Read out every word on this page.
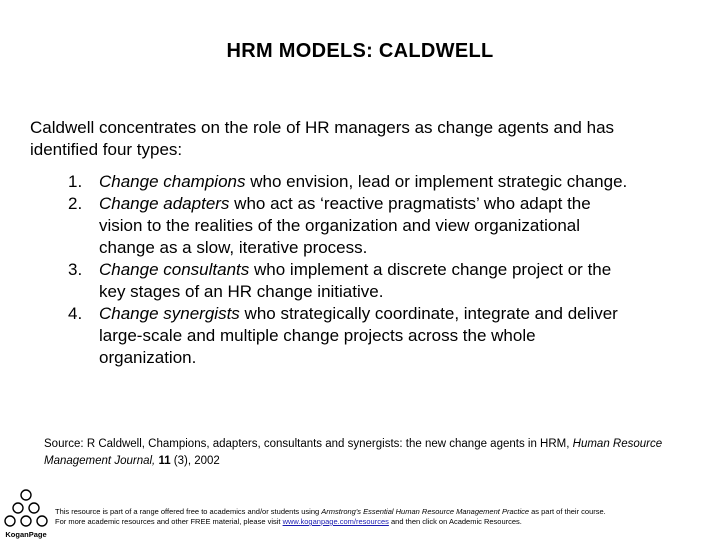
HRM MODELS: CALDWELL
Caldwell concentrates on the role of HR managers as change agents and has identified four types:
1. Change champions who envision, lead or implement strategic change.
2. Change adapters who act as ‘reactive pragmatists’ who adapt the vision to the realities of the organization and view organizational change as a slow, iterative process.
3. Change consultants who implement a discrete change project or the key stages of an HR change initiative.
4. Change synergists who strategically coordinate, integrate and deliver large-scale and multiple change projects across the whole organization.
Source: R Caldwell, Champions, adapters, consultants and synergists: the new change agents in HRM, Human Resource Management Journal, 11 (3), 2002
KoganPage
This resource is part of a range offered free to academics and/or students using Armstrong's Essential Human Resource Management Practice as part of their course.
For more academic resources and other FREE material, please visit www.koganpage.com/resources and then click on Academic Resources.
